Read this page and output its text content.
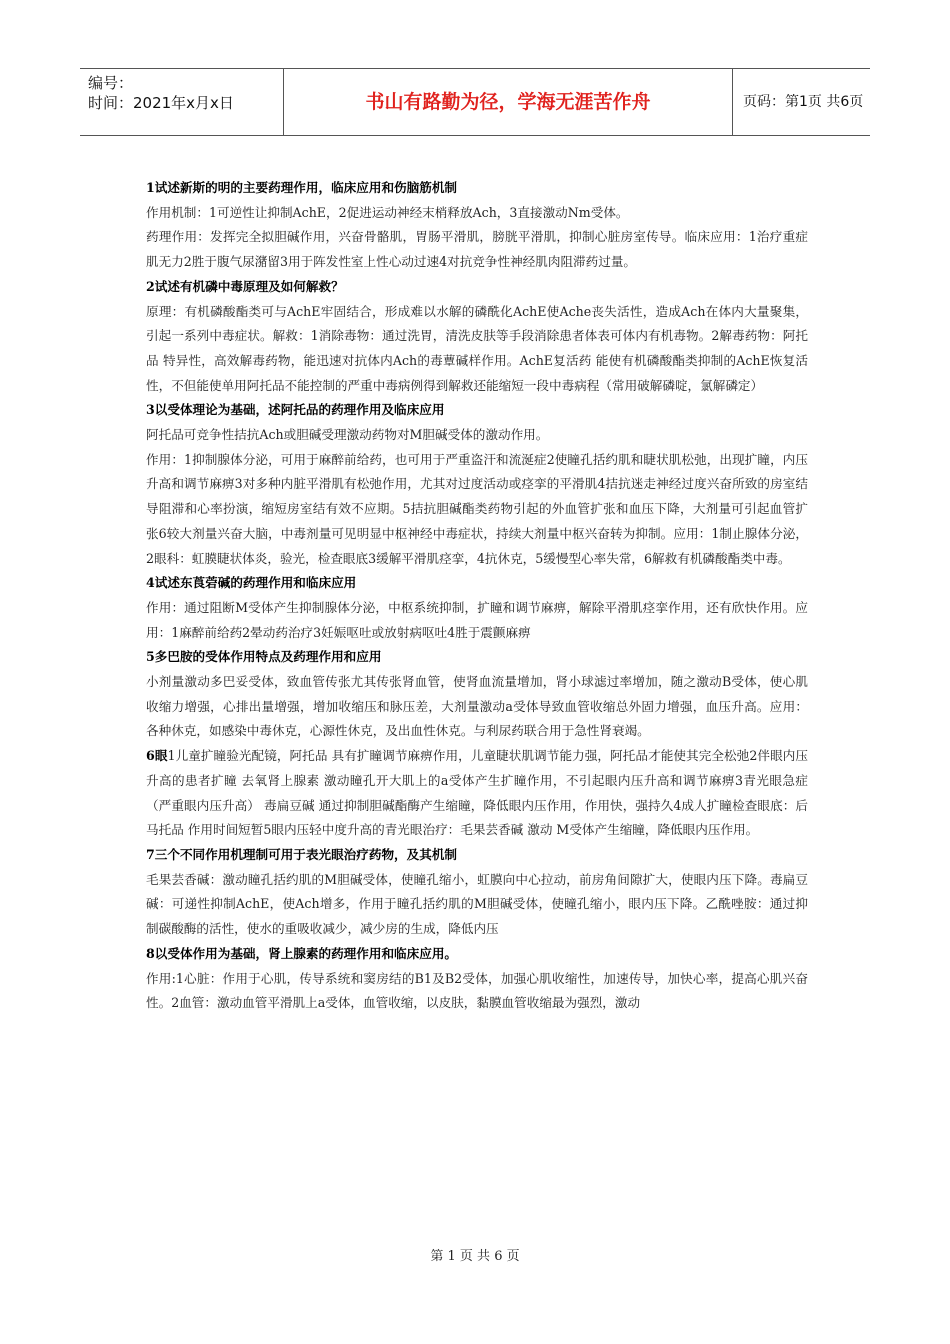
编号：
时间：2021年x月x日	书山有路勤为径，学海无涯苦作舟	页码：第1页 共6页

1试述新斯的明的主要药理作用，临床应用和伤脑筋机制

作用机制：1可逆性让抑制AchE，2促进运动神经末梢释放Ach，3直接激动Nm受体。

药理作用：发挥完全拟胆碱作用，兴奋骨骼肌，胃肠平滑肌，膀胱平滑肌，抑制心脏房室传导。临床应用：1治疗重症肌无力2胜于腹气尿潴留3用于阵发性室上性心动过速4对抗竞争性神经肌肉阻滞药过量。

2试述有机磷中毒原理及如何解救？

原理：有机磷酸酯类可与AchE牢固结合，形成难以水解的磷酰化AchE使Ache丧失活性，造成Ach在体内大量聚集，引起一系列中毒症状。解救：1消除毒物：通过洗胃，清洗皮肤等手段消除患者体表可体内有机毒物。2解毒药物：阿托品 特异性，高效解毒药物，能迅速对抗体内Ach的毒蕈碱样作用。AchE复活药 能使有机磷酸酯类抑制的AchE恢复活性，不但能使单用阿托品不能控制的严重中毒病例得到解救还能缩短一段中毒病程（常用破解磷啶，氯解磷定）

3以受体理论为基础，述阿托品的药理作用及临床应用

阿托品可竞争性拮抗Ach或胆碱受理激动药物对M胆碱受体的激动作用。

作用：1抑制腺体分泌，可用于麻醉前给药，也可用于严重盗汗和流涎症2使瞳孔括约肌和睫状肌松弛，出现扩瞳，内压升高和调节麻痹3对多种内脏平滑肌有松弛作用，尤其对过度活动或痉挛的平滑肌4拮抗迷走神经过度兴奋所致的房室结导阻滞和心率扮演，缩短房室结有效不应期。5拮抗胆碱酯类药物引起的外血管扩张和血压下降，大剂量可引起血管扩张6较大剂量兴奋大脑，中毒剂量可见明显中枢神经中毒症状，持续大剂量中枢兴奋转为抑制。应用：1制止腺体分泌，2眼科：虹膜睫状体炎，验光，检查眼底3缓解平滑肌痉挛，4抗休克，5缓慢型心率失常，6解救有机磷酸酯类中毒。

4试述东莨菪碱的药理作用和临床应用

作用：通过阻断M受体产生抑制腺体分泌，中枢系统抑制，扩瞳和调节麻痹，解除平滑肌痉挛作用，还有欣快作用。应用：1麻醉前给药2晕动药治疗3妊娠呕吐或放射病呕吐4胜于震颤麻痹

5多巴胺的受体作用特点及药理作用和应用

小剂量激动多巴妥受体，致血管传张尤其传张肾血管，使肾血流量增加，肾小球滤过率增加，随之激动B受体，使心肌收缩力增强，心排出量增强，增加收缩压和脉压差，大剂量激动a受体导致血管收缩总外固力增强，血压升高。应用：各种休克，如感染中毒休克，心源性休克，及出血性休克。与利尿药联合用于急性肾衰竭。

6眼1儿童扩瞳验光配镜，阿托品 具有扩瞳调节麻痹作用，儿童睫状肌调节能力强，阿托品才能使其完全松弛2伴眼内压升高的患者扩瞳 去氧肾上腺素 激动瞳孔开大肌上的a受体产生扩瞳作用，不引起眼内压升高和调节麻痹3青光眼急症（严重眼内压升高） 毒扁豆碱 通过抑制胆碱酯酶产生缩瞳，降低眼内压作用，作用快，强持久4成人扩瞳检查眼底：后马托品 作用时间短暂5眼内压轻中度升高的青光眼治疗：毛果芸香碱 激动 M受体产生缩瞳，降低眼内压作用。

7三个不同作用机理制可用于表光眼治疗药物，及其机制

毛果芸香碱：激动瞳孔括约肌的M胆碱受体，使瞳孔缩小，虹膜向中心拉动，前房角间隙扩大，使眼内压下降。毒扁豆碱：可递性抑制AchE，使Ach增多，作用于瞳孔括约肌的M胆碱受体，使瞳孔缩小，眼内压下降。乙酰唑胺：通过抑制碳酸酶的活性，使水的重吸收减少，减少房的生成，降低内压

8以受体作用为基础，肾上腺素的药理作用和临床应用。

作用:1心脏：作用于心肌，传导系统和窦房结的B1及B2受体，加强心肌收缩性，加速传导，加快心率，提高心肌兴奋性。2血管：激动血管平滑肌上a受体，血管收缩，以皮肤，黏膜血管收缩最为强烈，激动

第 1 页 共 6 页
